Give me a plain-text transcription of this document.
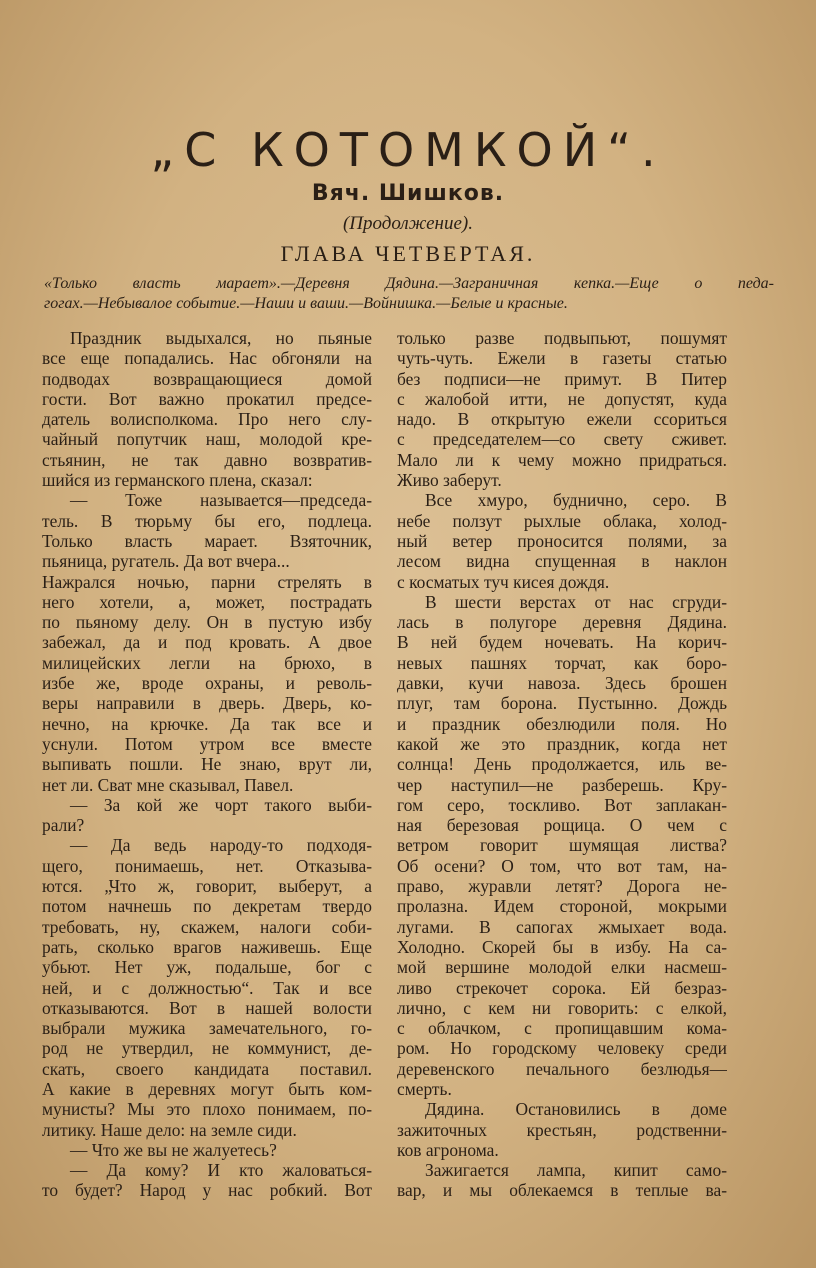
„С КОТОМКОЙ“.
Вяч. Шишков.
(Продолжение).
ГЛАВА ЧЕТВЕРТАЯ.
«Только власть марает».—Деревня Дядина.—Заграничная кепка.—Еще о педа-
гогах.—Небывалое событие.—Наши и ваши.—Войнишка.—Белые и красные.
Праздник выдыхался, но пьяные
все еще попадались. Нас обгоняли на
подводах возвращающиеся домой
гости. Вот важно прокатил предсе-
датель волисполкома. Про него слу-
чайный попутчик наш, молодой кре-
стьянин, не так давно возвратив-
шийся из германского плена, сказал:
— Тоже называется—председа-
тель. В тюрьму бы его, подлеца.
Только власть марает. Взяточник,
пьяница, ругатель. Да вот вчера...
Нажрался ночью, парни стрелять в
него хотели, а, может, пострадать
по пьяному делу. Он в пустую избу
забежал, да и под кровать. А двое
милицейских легли на брюхо, в
избе же, вроде охраны, и револь-
веры направили в дверь. Дверь, ко-
нечно, на крючке. Да так все и
уснули. Потом утром все вместе
выпивать пошли. Не знаю, врут ли,
нет ли. Сват мне сказывал, Павел.
— За кой же чорт такого выби-
рали?
— Да ведь народу-то подходя-
щего, понимаешь, нет. Отказыва-
ются. „Что ж, говорит, выберут, а
потом начнешь по декретам твердо
требовать, ну, скажем, налоги соби-
рать, сколько врагов наживешь. Еще
убьют. Нет уж, подальше, бог с
ней, и с должностью“. Так и все
отказываются. Вот в нашей волости
выбрали мужика замечательного, го-
род не утвердил, не коммунист, де-
скать, своего кандидата поставил.
А какие в деревнях могут быть ком-
мунисты? Мы это плохо понимаем, по-
литику. Наше дело: на земле сиди.
— Что же вы не жалуетесь?
— Да кому? И кто жаловаться-
то будет? Народ у нас робкий. Вот
только разве подвыпьют, пошумят
чуть-чуть. Ежели в газеты статью
без подписи—не примут. В Питер
с жалобой итти, не допустят, куда
надо. В открытую ежели ссориться
с председателем—со свету сживет.
Мало ли к чему можно придраться.
Живо заберут.
Все хмуро, буднично, серо. В
небе ползут рыхлые облака, холод-
ный ветер проносится полями, за
лесом видна спущенная в наклон
с косматых туч кисея дождя.
В шести верстах от нас сгруди-
лась в полугоре деревня Дядина.
В ней будем ночевать. На корич-
невых пашнях торчат, как боро-
давки, кучи навоза. Здесь брошен
плуг, там борона. Пустынно. Дождь
и праздник обезлюдили поля. Но
какой же это праздник, когда нет
солнца! День продолжается, иль ве-
чер наступил—не разберешь. Кру-
гом серо, тоскливо. Вот заплакан-
ная березовая рощица. О чем с
ветром говорит шумящая листва?
Об осени? О том, что вот там, на-
право, журавли летят? Дорога не-
пролазна. Идем стороной, мокрыми
лугами. В сапогах жмыхает вода.
Холодно. Скорей бы в избу. На са-
мой вершине молодой елки насмеш-
ливо стрекочет сорока. Ей безраз-
лично, с кем ни говорить: с елкой,
с облачком, с пропищавшим кома-
ром. Но городскому человеку среди
деревенского печального безлюдья—
смерть.
Дядина. Остановились в доме
зажиточных крестьян, родственни-
ков агронома.
Зажигается лампа, кипит само-
вар, и мы облекаемся в теплые ва-
